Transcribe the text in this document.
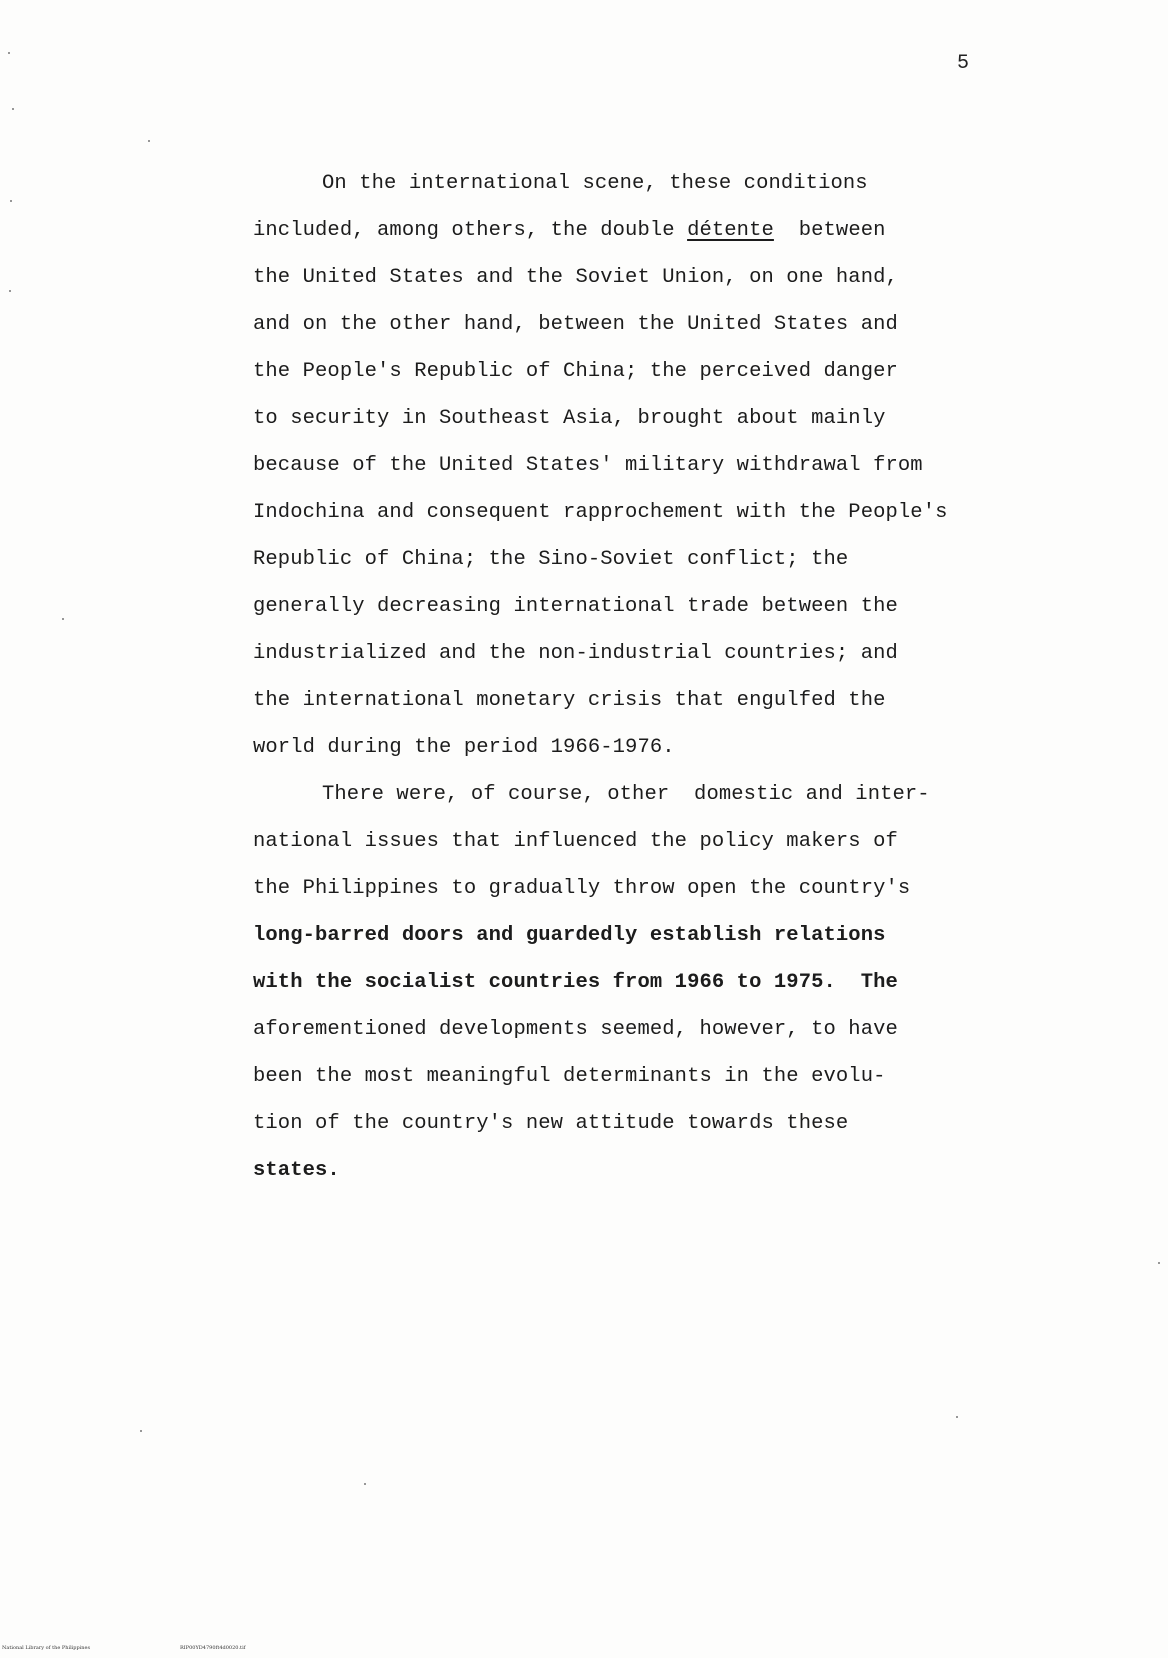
5
On the international scene, these conditions
included, among others, the double détente  between
the United States and the Soviet Union, on one hand,
and on the other hand, between the United States and
the People's Republic of China; the perceived danger
to security in Southeast Asia, brought about mainly
because of the United States' military withdrawal from
Indochina and consequent rapprochement with the People's
Republic of China; the Sino-Soviet conflict; the
generally decreasing international trade between the
industrialized and the non-industrial countries; and
the international monetary crisis that engulfed the
world during the period 1966-1976.
There were, of course, other  domestic and inter-
national issues that influenced the policy makers of
the Philippines to gradually throw open the country's
long-barred doors and guardedly establish relations
with the socialist countries from 1966 to 1975.  The
aforementioned developments seemed, however, to have
been the most meaningful determinants in the evolu-
tion of the country's new attitude towards these
states.
National Library of the Philippines	RIP00YD4790ft4d0020.tif
